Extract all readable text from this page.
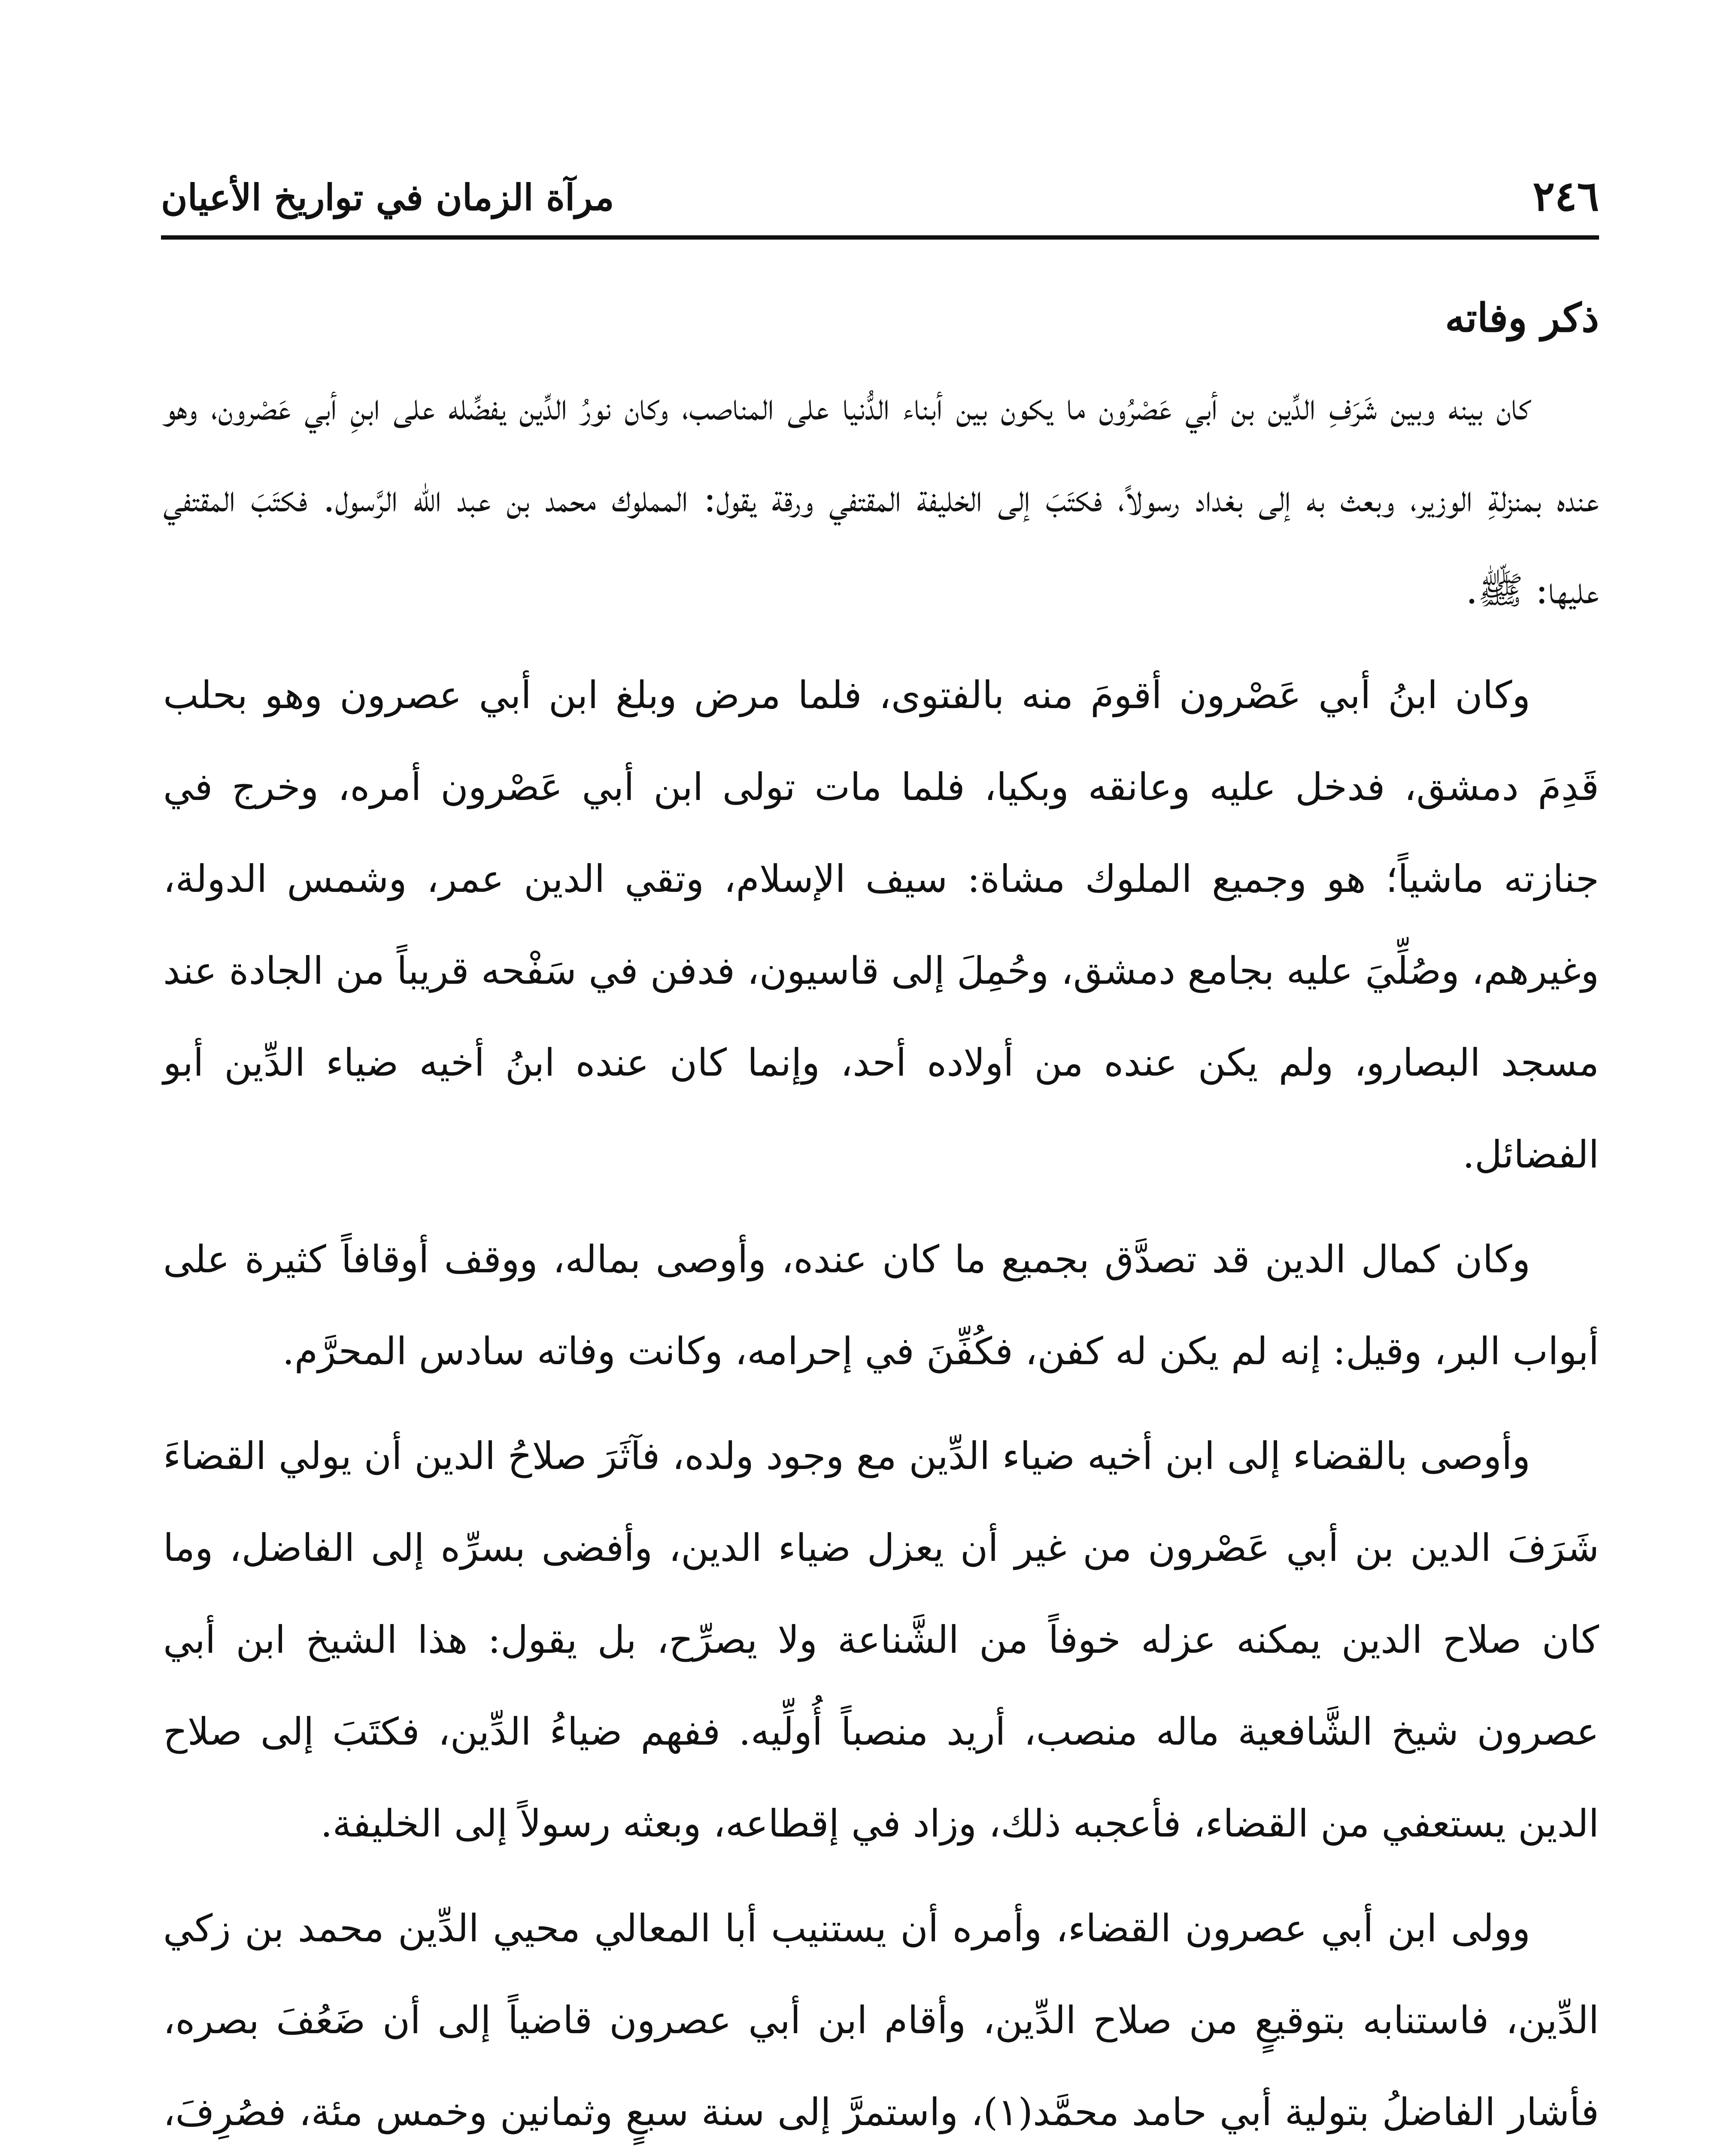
٢٤٦
مرآة الزمان في تواريخ الأعيان

ذكر وفاته

كان بينه وبين شَرَفِ الدِّين بن أبي عَصْرُون ما يكون بين أبناء الدُّنيا على المناصب، وكان نورُ الدِّين يفضِّله على ابنِ أبي عَصْرون، وهو عنده بمنزلةِ الوزير، وبعث به إلى بغداد رسولاً، فكتَبَ إلى الخليفة المقتفي ورقة يقول: المملوك محمد بن عبد الله الرَّسول. فكتَبَ المقتفي عليها: ﷺ.

وكان ابنُ أبي عَصْرون أقومَ منه بالفتوى، فلما مرض وبلغ ابن أبي عصرون وهو بحلب قَدِمَ دمشق، فدخل عليه وعانقه وبكيا، فلما مات تولى ابن أبي عَصْرون أمره، وخرج في جنازته ماشياً؛ هو وجميع الملوك مشاة: سيف الإسلام، وتقي الدين عمر، وشمس الدولة، وغيرهم، وصُلِّيَ عليه بجامع دمشق، وحُمِلَ إلى قاسيون، فدفن في سَفْحه قريباً من الجادة عند مسجد البصارو، ولم يكن عنده من أولاده أحد، وإنما كان عنده ابنُ أخيه ضياء الدِّين أبو الفضائل.

وكان كمال الدين قد تصدَّق بجميع ما كان عنده، وأوصى بماله، ووقف أوقافاً كثيرة على أبواب البر، وقيل: إنه لم يكن له كفن، فكُفِّنَ في إحرامه، وكانت وفاته سادس المحرَّم.

وأوصى بالقضاء إلى ابن أخيه ضياء الدِّين مع وجود ولده، فآثَرَ صلاحُ الدين أن يولي القضاءَ شَرَفَ الدين بن أبي عَصْرون من غير أن يعزل ضياء الدين، وأفضى بسرِّه إلى الفاضل، وما كان صلاح الدين يمكنه عزله خوفاً من الشَّناعة ولا يصرِّح، بل يقول: هذا الشيخ ابن أبي عصرون شيخ الشَّافعية ماله منصب، أريد منصباً أُولِّيه. ففهم ضياءُ الدِّين، فكتَبَ إلى صلاح الدين يستعفي من القضاء، فأعجبه ذلك، وزاد في إقطاعه، وبعثه رسولاً إلى الخليفة.

وولى ابن أبي عصرون القضاء، وأمره أن يستنيب أبا المعالي محيي الدِّين محمد بن زكي الدِّين، فاستنابه بتوقيعٍ من صلاح الدِّين، وأقام ابن أبي عصرون قاضياً إلى أن ضَعُفَ بصره، فأشار الفاضلُ بتولية أبي حامد محمَّد(١)، واستمرَّ إلى سنة سبعٍ وثمانين وخمس مئة، فصُرِفَ،
